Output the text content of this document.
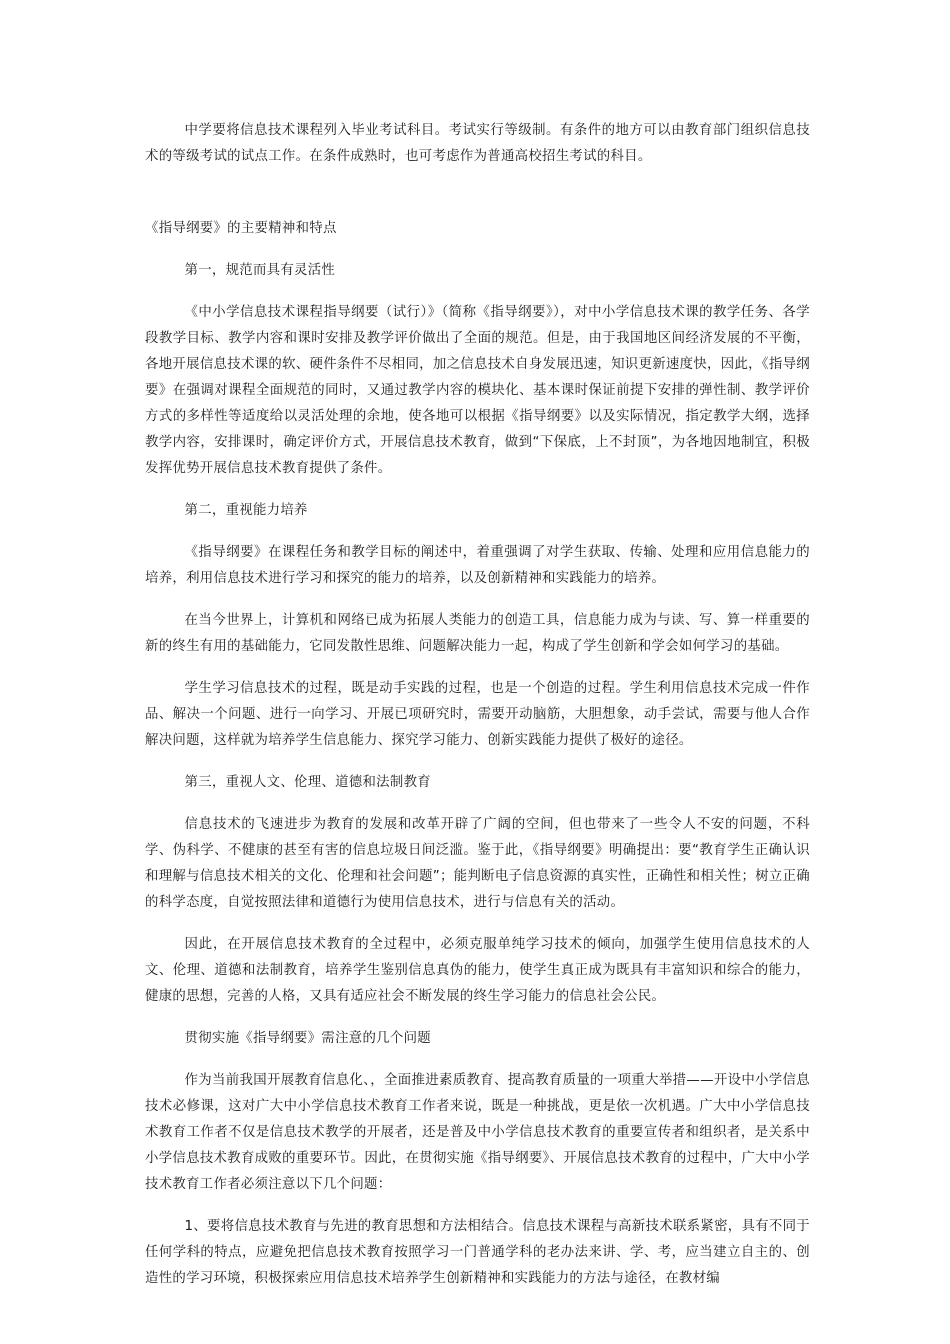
中学要将信息技术课程列入毕业考试科目。考试实行等级制。有条件的地方可以由教育部门组织信息技术的等级考试的试点工作。在条件成熟时，也可考虑作为普通高校招生考试的科目。

《指导纲要》的主要精神和特点

第一，规范而具有灵活性

《中小学信息技术课程指导纲要（试行）》（简称《指导纲要》），对中小学信息技术课的教学任务、各学段教学目标、教学内容和课时安排及教学评价做出了全面的规范。但是，由于我国地区间经济发展的不平衡，各地开展信息技术课的软、硬件条件不尽相同，加之信息技术自身发展迅速，知识更新速度快，因此，《指导纲要》在强调对课程全面规范的同时，又通过教学内容的模块化、基本课时保证前提下安排的弹性制、教学评价方式的多样性等适度给以灵活处理的余地，使各地可以根据《指导纲要》以及实际情况，指定教学大纲，选择教学内容，安排课时，确定评价方式，开展信息技术教育，做到“下保底，上不封顶”，为各地因地制宜，积极发挥优势开展信息技术教育提供了条件。

第二，重视能力培养

《指导纲要》在课程任务和教学目标的阐述中，着重强调了对学生获取、传输、处理和应用信息能力的培养，利用信息技术进行学习和探究的能力的培养，以及创新精神和实践能力的培养。

在当今世界上，计算机和网络已成为拓展人类能力的创造工具，信息能力成为与读、写、算一样重要的新的终生有用的基础能力，它同发散性思维、问题解决能力一起，构成了学生创新和学会如何学习的基础。

学生学习信息技术的过程，既是动手实践的过程，也是一个创造的过程。学生利用信息技术完成一件作品、解决一个问题、进行一向学习、开展已项研究时，需要开动脑筋，大胆想象，动手尝试，需要与他人合作解决问题，这样就为培养学生信息能力、探究学习能力、创新实践能力提供了极好的途径。

第三，重视人文、伦理、道德和法制教育

信息技术的飞速进步为教育的发展和改革开辟了广阔的空间，但也带来了一些令人不安的问题，不科学、伪科学、不健康的甚至有害的信息垃圾日间泛滥。鉴于此，《指导纲要》明确提出：要“教育学生正确认识和理解与信息技术相关的文化、伦理和社会问题”；能判断电子信息资源的真实性，正确性和相关性；树立正确的科学态度，自觉按照法律和道德行为使用信息技术，进行与信息有关的活动。

因此，在开展信息技术教育的全过程中，必须克服单纯学习技术的倾向，加强学生使用信息技术的人文、伦理、道德和法制教育，培养学生鉴别信息真伪的能力，使学生真正成为既具有丰富知识和综合的能力，健康的思想，完善的人格，又具有适应社会不断发展的终生学习能力的信息社会公民。

贯彻实施《指导纲要》需注意的几个问题

作为当前我国开展教育信息化、，全面推进素质教育、提高教育质量的一项重大举措——开设中小学信息技术必修课，这对广大中小学信息技术教育工作者来说，既是一种挑战，更是依一次机遇。广大中小学信息技术教育工作者不仅是信息技术教学的开展者，还是普及中小学信息技术教育的重要宣传者和组织者，是关系中小学信息技术教育成败的重要环节。因此，在贯彻实施《指导纲要》、开展信息技术教育的过程中，广大中小学技术教育工作者必须注意以下几个问题：

1、要将信息技术教育与先进的教育思想和方法相结合。信息技术课程与高新技术联系紧密，具有不同于任何学科的特点，应避免把信息技术教育按照学习一门普通学科的老办法来讲、学、考，应当建立自主的、创造性的学习环境，积极探索应用信息技术培养学生创新精神和实践能力的方法与途径，在教材编
